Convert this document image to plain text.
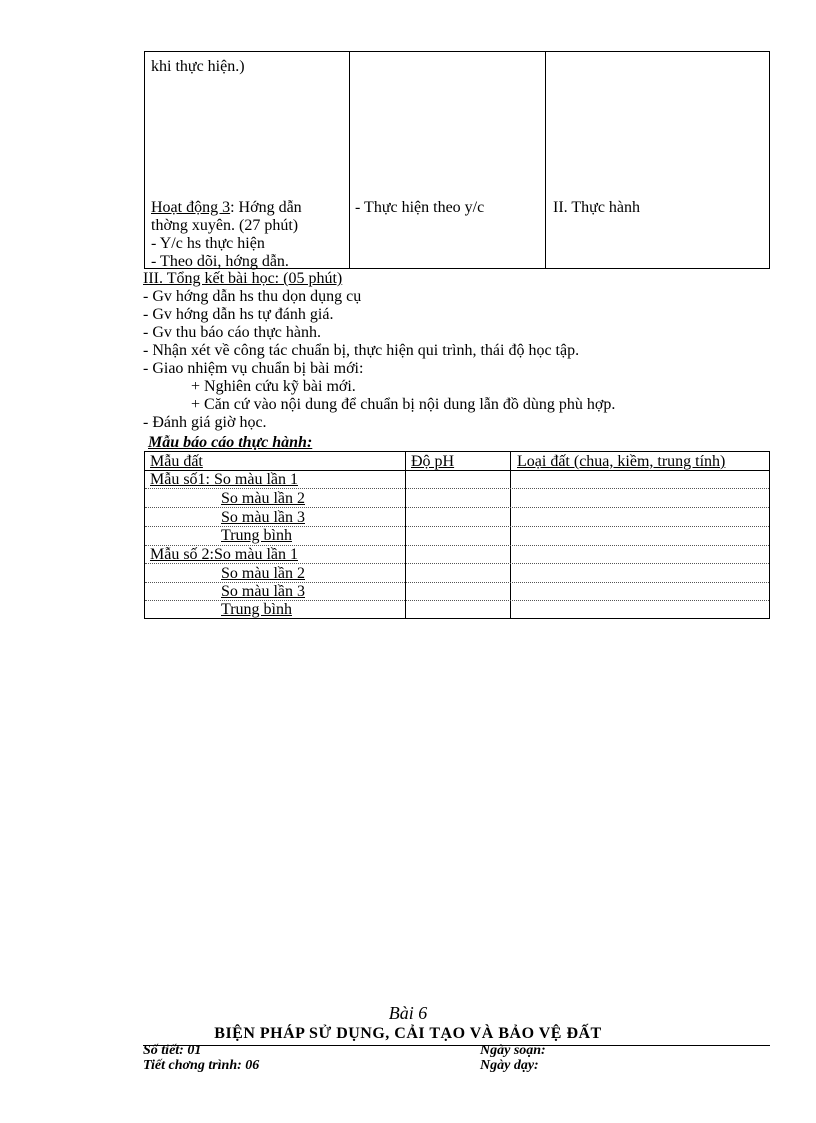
khi thực hiện.)
Hoạt động 3: Hớng dẫn
thờng xuyên. (27 phút)
- Y/c hs thực hiện
- Theo dõi, hớng dẫn.
- Thực hiện theo y/c	II. Thực hành
III. Tổng kết bài học: (05 phút)
- Gv hớng dẫn hs thu dọn dụng cụ
- Gv hớng dẫn hs tự đánh giá.
- Gv thu báo cáo thực hành.
- Nhận xét về công tác chuẩn bị, thực hiện qui trình, thái độ học tập.
- Giao nhiệm vụ chuẩn bị bài mới:
+ Nghiên cứu kỹ bài mới.
+ Căn cứ vào nội dung để chuẩn bị nội dung lẫn đồ dùng phù hợp.
- Đánh giá giờ học.
Mẫu báo cáo thực hành:
Mẫu đất	Độ pH	Loại đất (chua, kiềm, trung tính)
Mẫu số1: So màu lần 1
So màu lần 2
So màu lần 3
Trung bình
Mẫu số 2:So màu lần 1
So màu lần 2
So màu lần 3
Trung bình
Bài 6
BIỆN PHÁP SỬ DỤNG, CẢI TẠO VÀ BẢO VỆ ĐẤT
Số tiết: 01	Ngày soạn:
Tiết chơng trình: 06	Ngày dạy:
